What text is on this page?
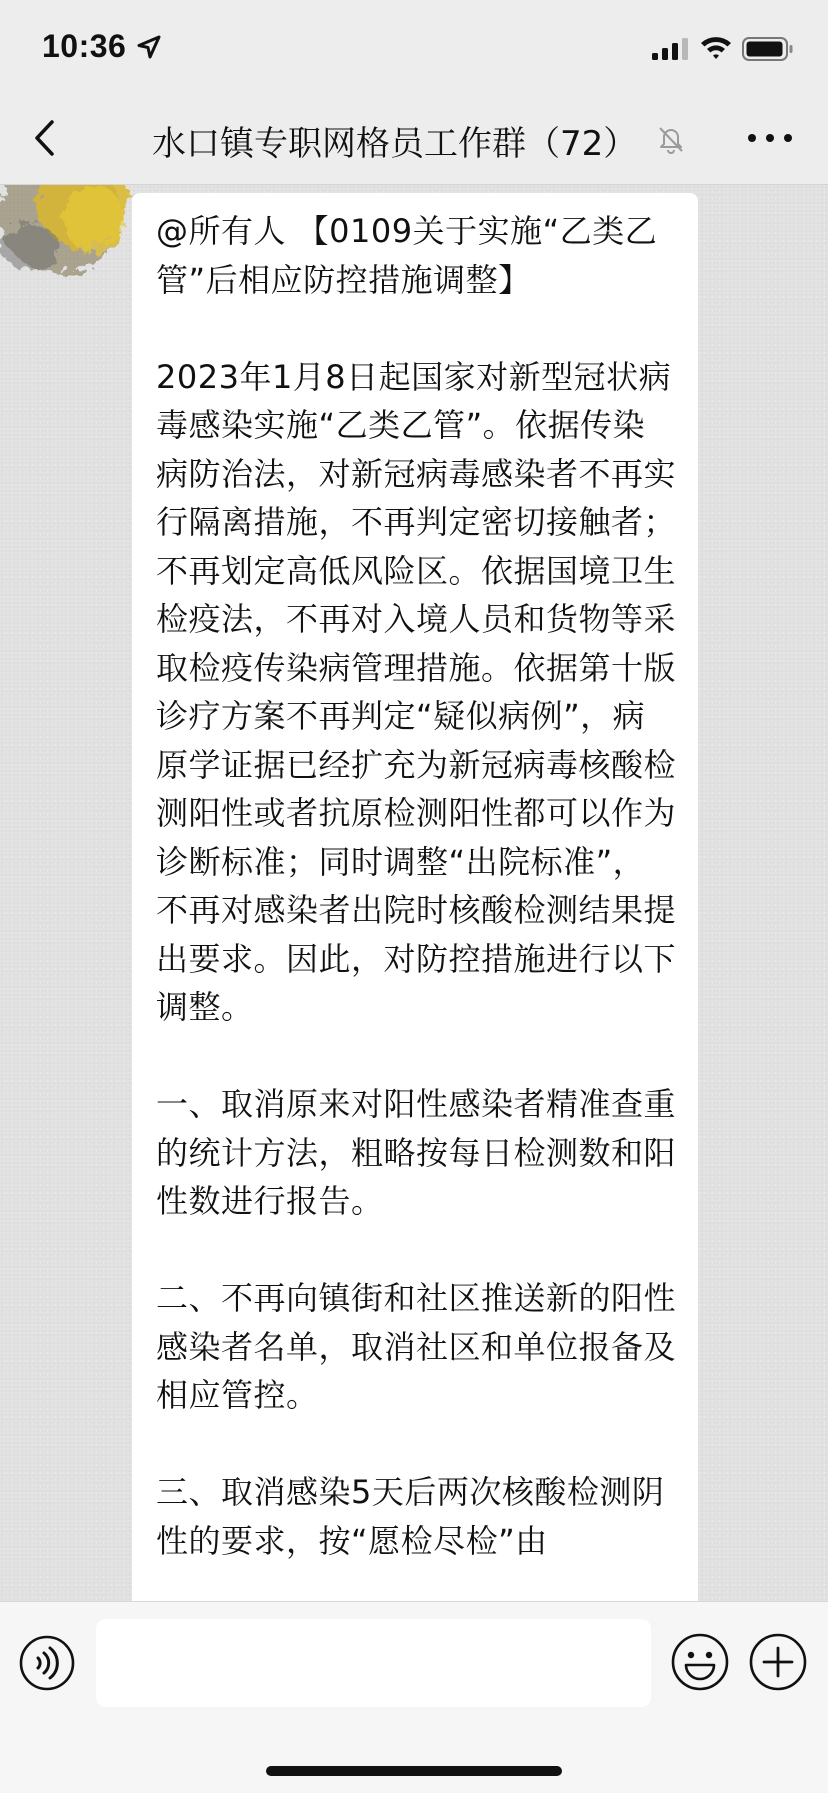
10:36
水口镇专职网格员工作群（72）
@所有人 【0109关于实施“乙类乙管”后相应防控措施调整】

2023年1月8日起国家对新型冠状病毒感染实施“乙类乙管”。依据传染病防治法，对新冠病毒感染者不再实行隔离措施，不再判定密切接触者；不再划定高低风险区。依据国境卫生检疫法，不再对入境人员和货物等采取检疫传染病管理措施。依据第十版诊疗方案不再判定“疑似病例”，病原学证据已经扩充为新冠病毒核酸检测阳性或者抗原检测阳性都可以作为诊断标准；同时调整“出院标准”，不再对感染者出院时核酸检测结果提出要求。因此，对防控措施进行以下调整。

一、取消原来对阳性感染者精准查重的统计方法，粗略按每日检测数和阳性数进行报告。

二、不再向镇街和社区推送新的阳性感染者名单，取消社区和单位报备及相应管控。

三、取消感染5天后两次核酸检测阴性的要求，按“愿检尽检”由
